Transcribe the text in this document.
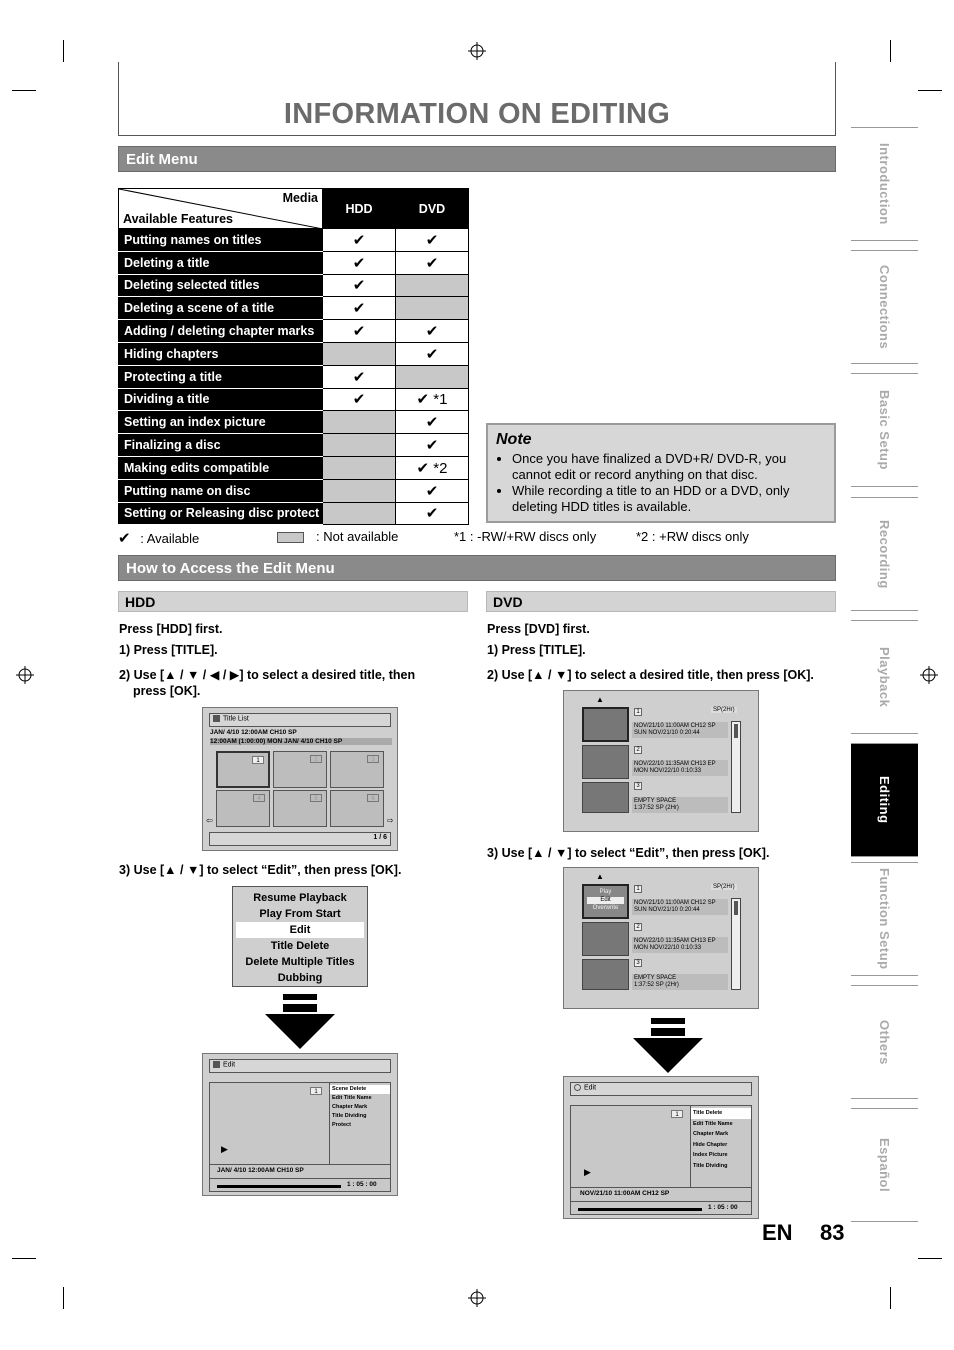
INFORMATION ON EDITING
Edit Menu
Media
Available Features	HDD	DVD
Putting names on titles	✔	✔
Deleting a title	✔	✔
Deleting selected titles	✔	
Deleting a scene of a title	✔	
Adding / deleting chapter marks	✔	✔
Hiding chapters		✔
Protecting a title	✔	
Dividing a title	✔	✔ *1
Setting an index picture		✔
Finalizing a disc		✔
Making edits compatible		✔ *2
Putting name on disc		✔
Setting or Releasing disc protect		✔
✔ : Available	: Not available	*1 : -RW/+RW discs only	*2 : +RW discs only
Note
• Once you have finalized a DVD+R/ DVD-R, you cannot edit or record anything on that disc.
• While recording a title to an HDD or a DVD, only deleting HDD titles is available.
How to Access the Edit Menu
HDD	DVD
Press [HDD] first.
1) Press [TITLE].
2) Use [▲ / ▼ / ◀ / ▶] to select a desired title, then
press [OK].
Title List
JAN/ 4/10 12:00AM CH10 SP
12:00AM (1:00:00) MON JAN/ 4/10 CH10 SP
1	2	3
4	5	6
⇦	⇨
1 / 6
3) Use [▲ / ▼] to select “Edit”, then press [OK].
Resume Playback
Play From Start
Edit
Title Delete
Delete Multiple Titles
Dubbing
Edit
1	Scene Delete
Edit Title Name
Chapter Mark
Title Dividing
Protect
▶
JAN/ 4/10 12:00AM CH10 SP
1 : 05 : 00
Press [DVD] first.
1) Press [TITLE].
2) Use [▲ / ▼] to select a desired title, then press [OK].
▲
SP(2Hr)
1
NOV/21/10 11:00AM CH12 SP
SUN NOV/21/10 0:20:44
2
NOV/22/10 11:35AM CH13 EP
MON NOV/22/10 0:10:33
3
EMPTY SPACE
1:37:52 SP (2Hr)
3) Use [▲ / ▼] to select “Edit”, then press [OK].
▲
SP(2Hr)
Play
Edit
Overwrite
1
NOV/21/10 11:00AM CH12 SP
SUN NOV/21/10 0:20:44
2
NOV/22/10 11:35AM CH13 EP
MON NOV/22/10 0:10:33
3
EMPTY SPACE
1:37:52 SP (2Hr)
Edit
1	Title Delete
Edit Title Name
Chapter Mark
Hide Chapter
Index Picture
Title Dividing
▶
NOV/21/10 11:00AM CH12 SP
1 : 05 : 00
Introduction
Connections
Basic Setup
Recording
Playback
Editing
Function Setup
Others
Español
EN 83
